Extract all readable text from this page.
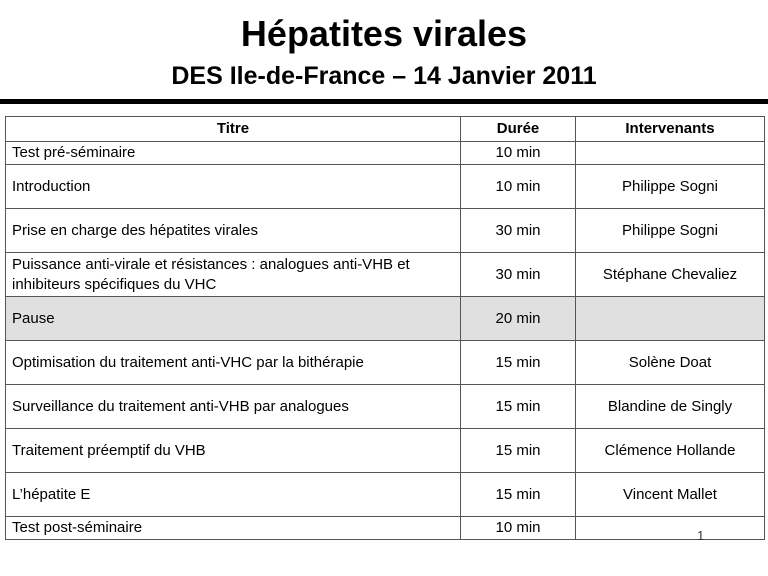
Hépatites virales
DES Ile-de-France – 14 Janvier 2011
Titre	Durée	Intervenants
Test pré-séminaire	10 min	
Introduction	10 min	Philippe Sogni
Prise en charge des hépatites virales	30 min	Philippe Sogni
Puissance anti-virale et résistances : analogues anti-VHB et inhibiteurs spécifiques du VHC	30 min	Stéphane Chevaliez
Pause	20 min	
Optimisation du traitement anti-VHC par la bithérapie	15 min	Solène Doat
Surveillance du traitement anti-VHB par analogues	15 min	Blandine de Singly
Traitement préemptif du VHB	15 min	Clémence Hollande
L’hépatite E	15 min	Vincent Mallet
Test post-séminaire	10 min		1
